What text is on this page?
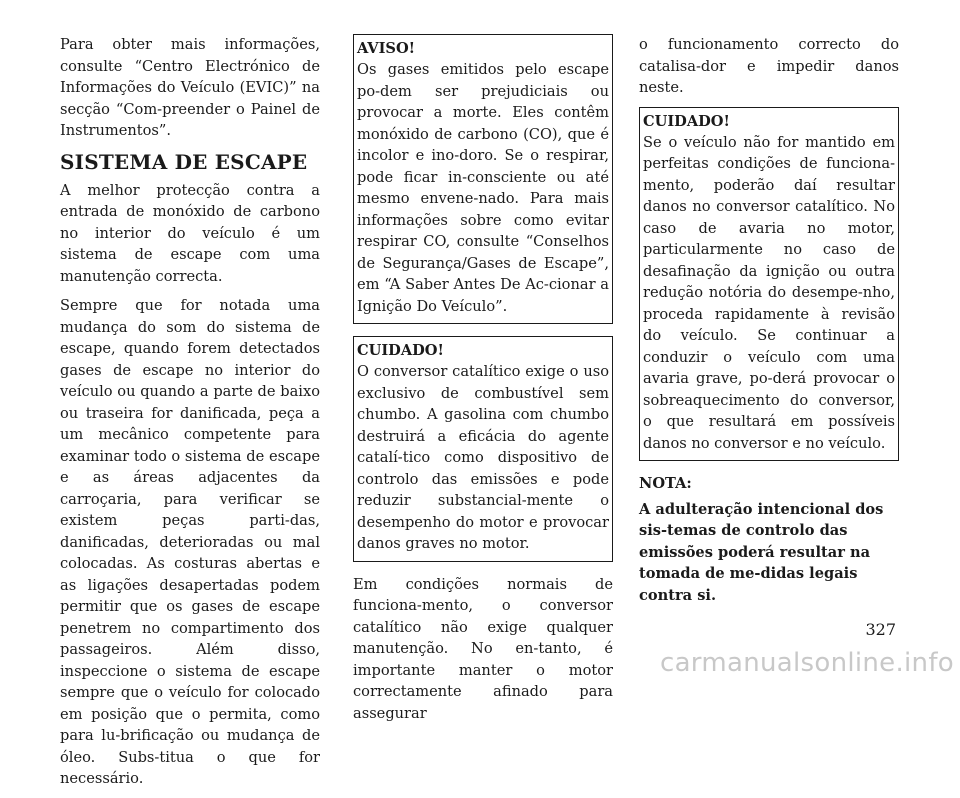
Para obter mais informações, consulte “Centro Electrónico de Informações do Veículo (EVIC)” na secção “Com-preender o Painel de Instrumentos”.

SISTEMA DE ESCAPE

A melhor protecção contra a entrada de monóxido de carbono no interior do veículo é um sistema de escape com uma manutenção correcta.

Sempre que for notada uma mudança do som do sistema de escape, quando forem detectados gases de escape no interior do veículo ou quando a parte de baixo ou traseira for danificada, peça a um mecânico competente para examinar todo o sistema de escape e as áreas adjacentes da carroçaria, para verificar se existem peças parti-das, danificadas, deterioradas ou mal colocadas. As costuras abertas e as ligações desapertadas podem permitir que os gases de escape penetrem no compartimento dos passageiros. Além disso, inspeccione o sistema de escape sempre que o veículo for colocado em posição que o permita, como para lu-brificação ou mudança de óleo. Subs-titua o que for necessário.

AVISO!

Os gases emitidos pelo escape po-dem ser prejudiciais ou provocar a morte. Eles contêm monóxido de carbono (CO), que é incolor e ino-doro. Se o respirar, pode ficar in-consciente ou até mesmo envene-nado. Para mais informações sobre como evitar respirar CO, consulte “Conselhos de Segurança/Gases de Escape”, em “A Saber Antes De Ac-cionar a Ignição Do Veículo”.

CUIDADO!

O conversor catalítico exige o uso exclusivo de combustível sem chumbo. A gasolina com chumbo destruirá a eficácia do agente catalí-tico como dispositivo de controlo das emissões e pode reduzir substancial-mente o desempenho do motor e provocar danos graves no motor.

Em condições normais de funciona-mento, o conversor catalítico não exige qualquer manutenção. No en-tanto, é importante manter o motor correctamente afinado para assegurar

o funcionamento correcto do catalisa-dor e impedir danos neste.

CUIDADO!

Se o veículo não for mantido em perfeitas condições de funciona-mento, poderão daí resultar danos no conversor catalítico. No caso de avaria no motor, particularmente no caso de desafinação da ignição ou outra redução notória do desempe-nho, proceda rapidamente à revisão do veículo. Se continuar a conduzir o veículo com uma avaria grave, po-derá provocar o sobreaquecimento do conversor, o que resultará em possíveis danos no conversor e no veículo.

NOTA:

A adulteração intencional dos sis-temas de controlo das emissões poderá resultar na tomada de me-didas legais contra si.

327
carmanualsonline.info
